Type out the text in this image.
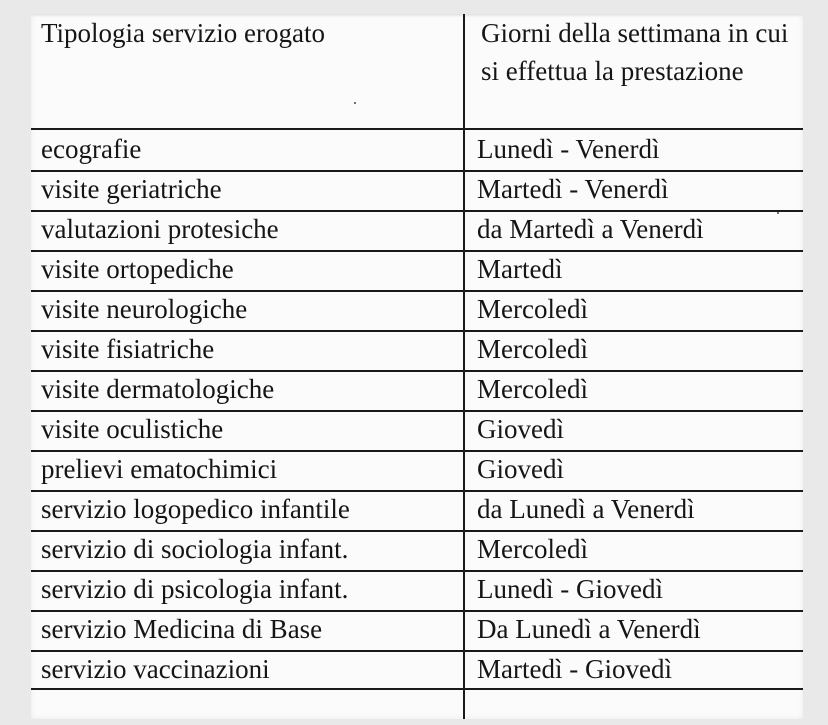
Tipologia servizio erogato	Giorni della settimana in cui si effettua la prestazione
ecografie	Lunedì - Venerdì
visite geriatriche	Martedì - Venerdì
valutazioni protesiche	da Martedì a Venerdì
visite ortopediche	Martedì
visite neurologiche	Mercoledì
visite fisiatriche	Mercoledì
visite dermatologiche	Mercoledì
visite oculistiche	Giovedì
prelievi ematochimici	Giovedì
servizio logopedico infantile	da Lunedì a Venerdì
servizio di sociologia infant.	Mercoledì
servizio di psicologia infant.	Lunedì - Giovedì
servizio Medicina di Base	Da Lunedì a Venerdì
servizio vaccinazioni	Martedì - Giovedì
